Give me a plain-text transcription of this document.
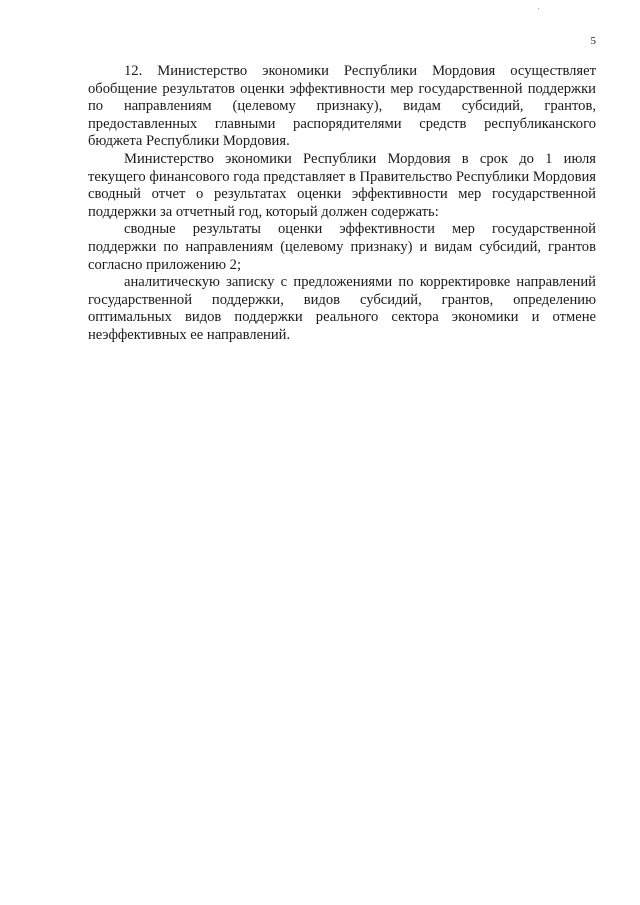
5

12. Министерство экономики Республики Мордовия осуществляет обобщение результатов оценки эффективности мер государственной поддержки по направлениям (целевому признаку), видам субсидий, грантов, предоставленных главными распорядителями средств республиканского бюджета Республики Мордовия.

Министерство экономики Республики Мордовия в срок до 1 июля текущего финансового года представляет в Правительство Республики Мордовия сводный отчет о результатах оценки эффективности мер государственной поддержки за отчетный год, который должен содержать:

сводные результаты оценки эффективности мер государственной поддержки по направлениям (целевому признаку) и видам субсидий, грантов согласно приложению 2;

аналитическую записку с предложениями по корректировке направлений государственной поддержки, видов субсидий, грантов, определению оптимальных видов поддержки реального сектора экономики и отмене неэффективных ее направлений.
